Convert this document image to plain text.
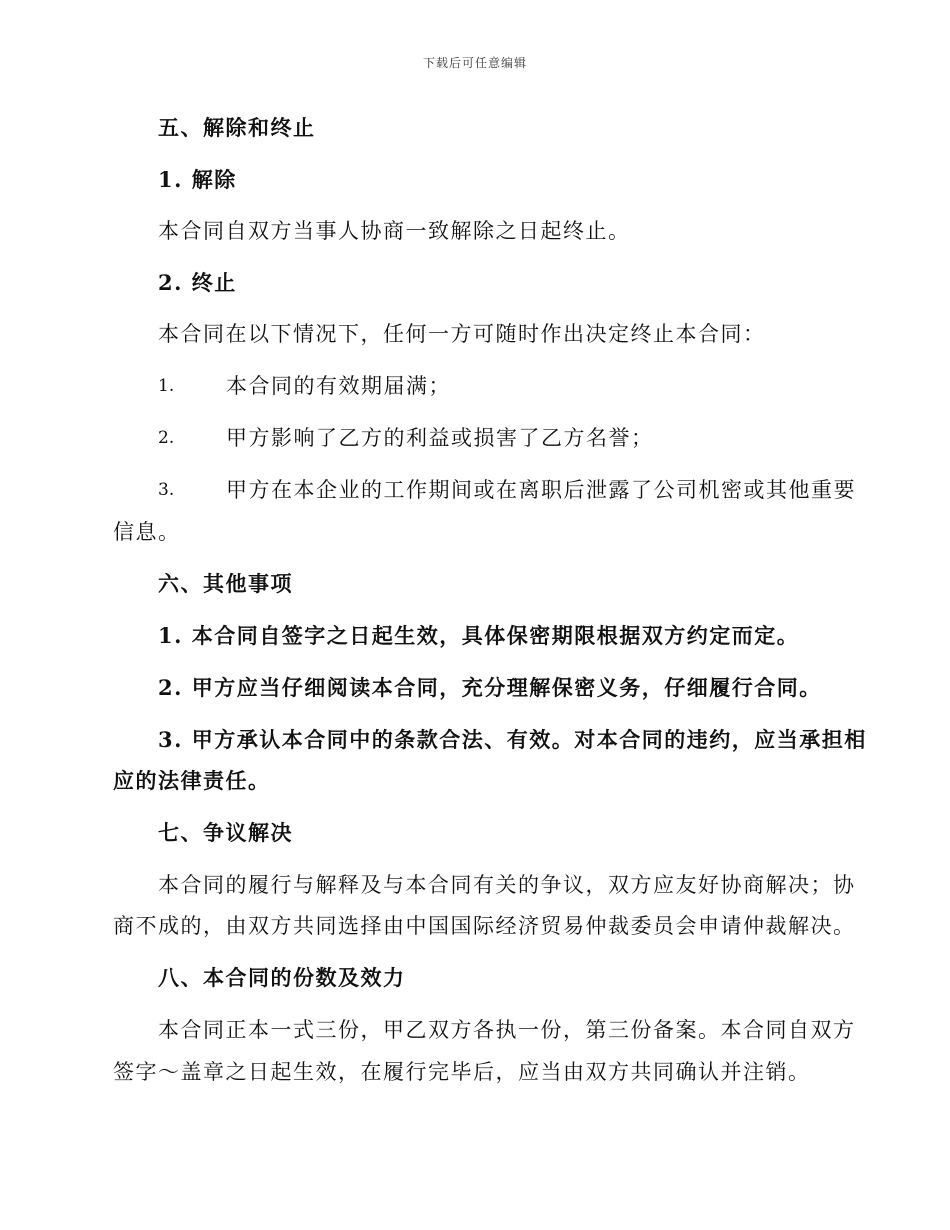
下载后可任意编辑
五、解除和终止
1. 解除
本合同自双方当事人协商一致解除之日起终止。
2. 终止
本合同在以下情况下，任何一方可随时作出决定终止本合同：
1. 本合同的有效期届满；
2. 甲方影响了乙方的利益或损害了乙方名誉；
3. 甲方在本企业的工作期间或在离职后泄露了公司机密或其他重要
信息。
六、其他事项
1. 本合同自签字之日起生效，具体保密期限根据双方约定而定。
2. 甲方应当仔细阅读本合同，充分理解保密义务，仔细履行合同。
3. 甲方承认本合同中的条款合法、有效。对本合同的违约，应当承担相
应的法律责任。
七、争议解决
本合同的履行与解释及与本合同有关的争议，双方应友好协商解决；协
商不成的，由双方共同选择由中国国际经济贸易仲裁委员会申请仲裁解决。
八、本合同的份数及效力
本合同正本一式三份，甲乙双方各执一份，第三份备案。本合同自双方
签字～盖章之日起生效，在履行完毕后，应当由双方共同确认并注销。
